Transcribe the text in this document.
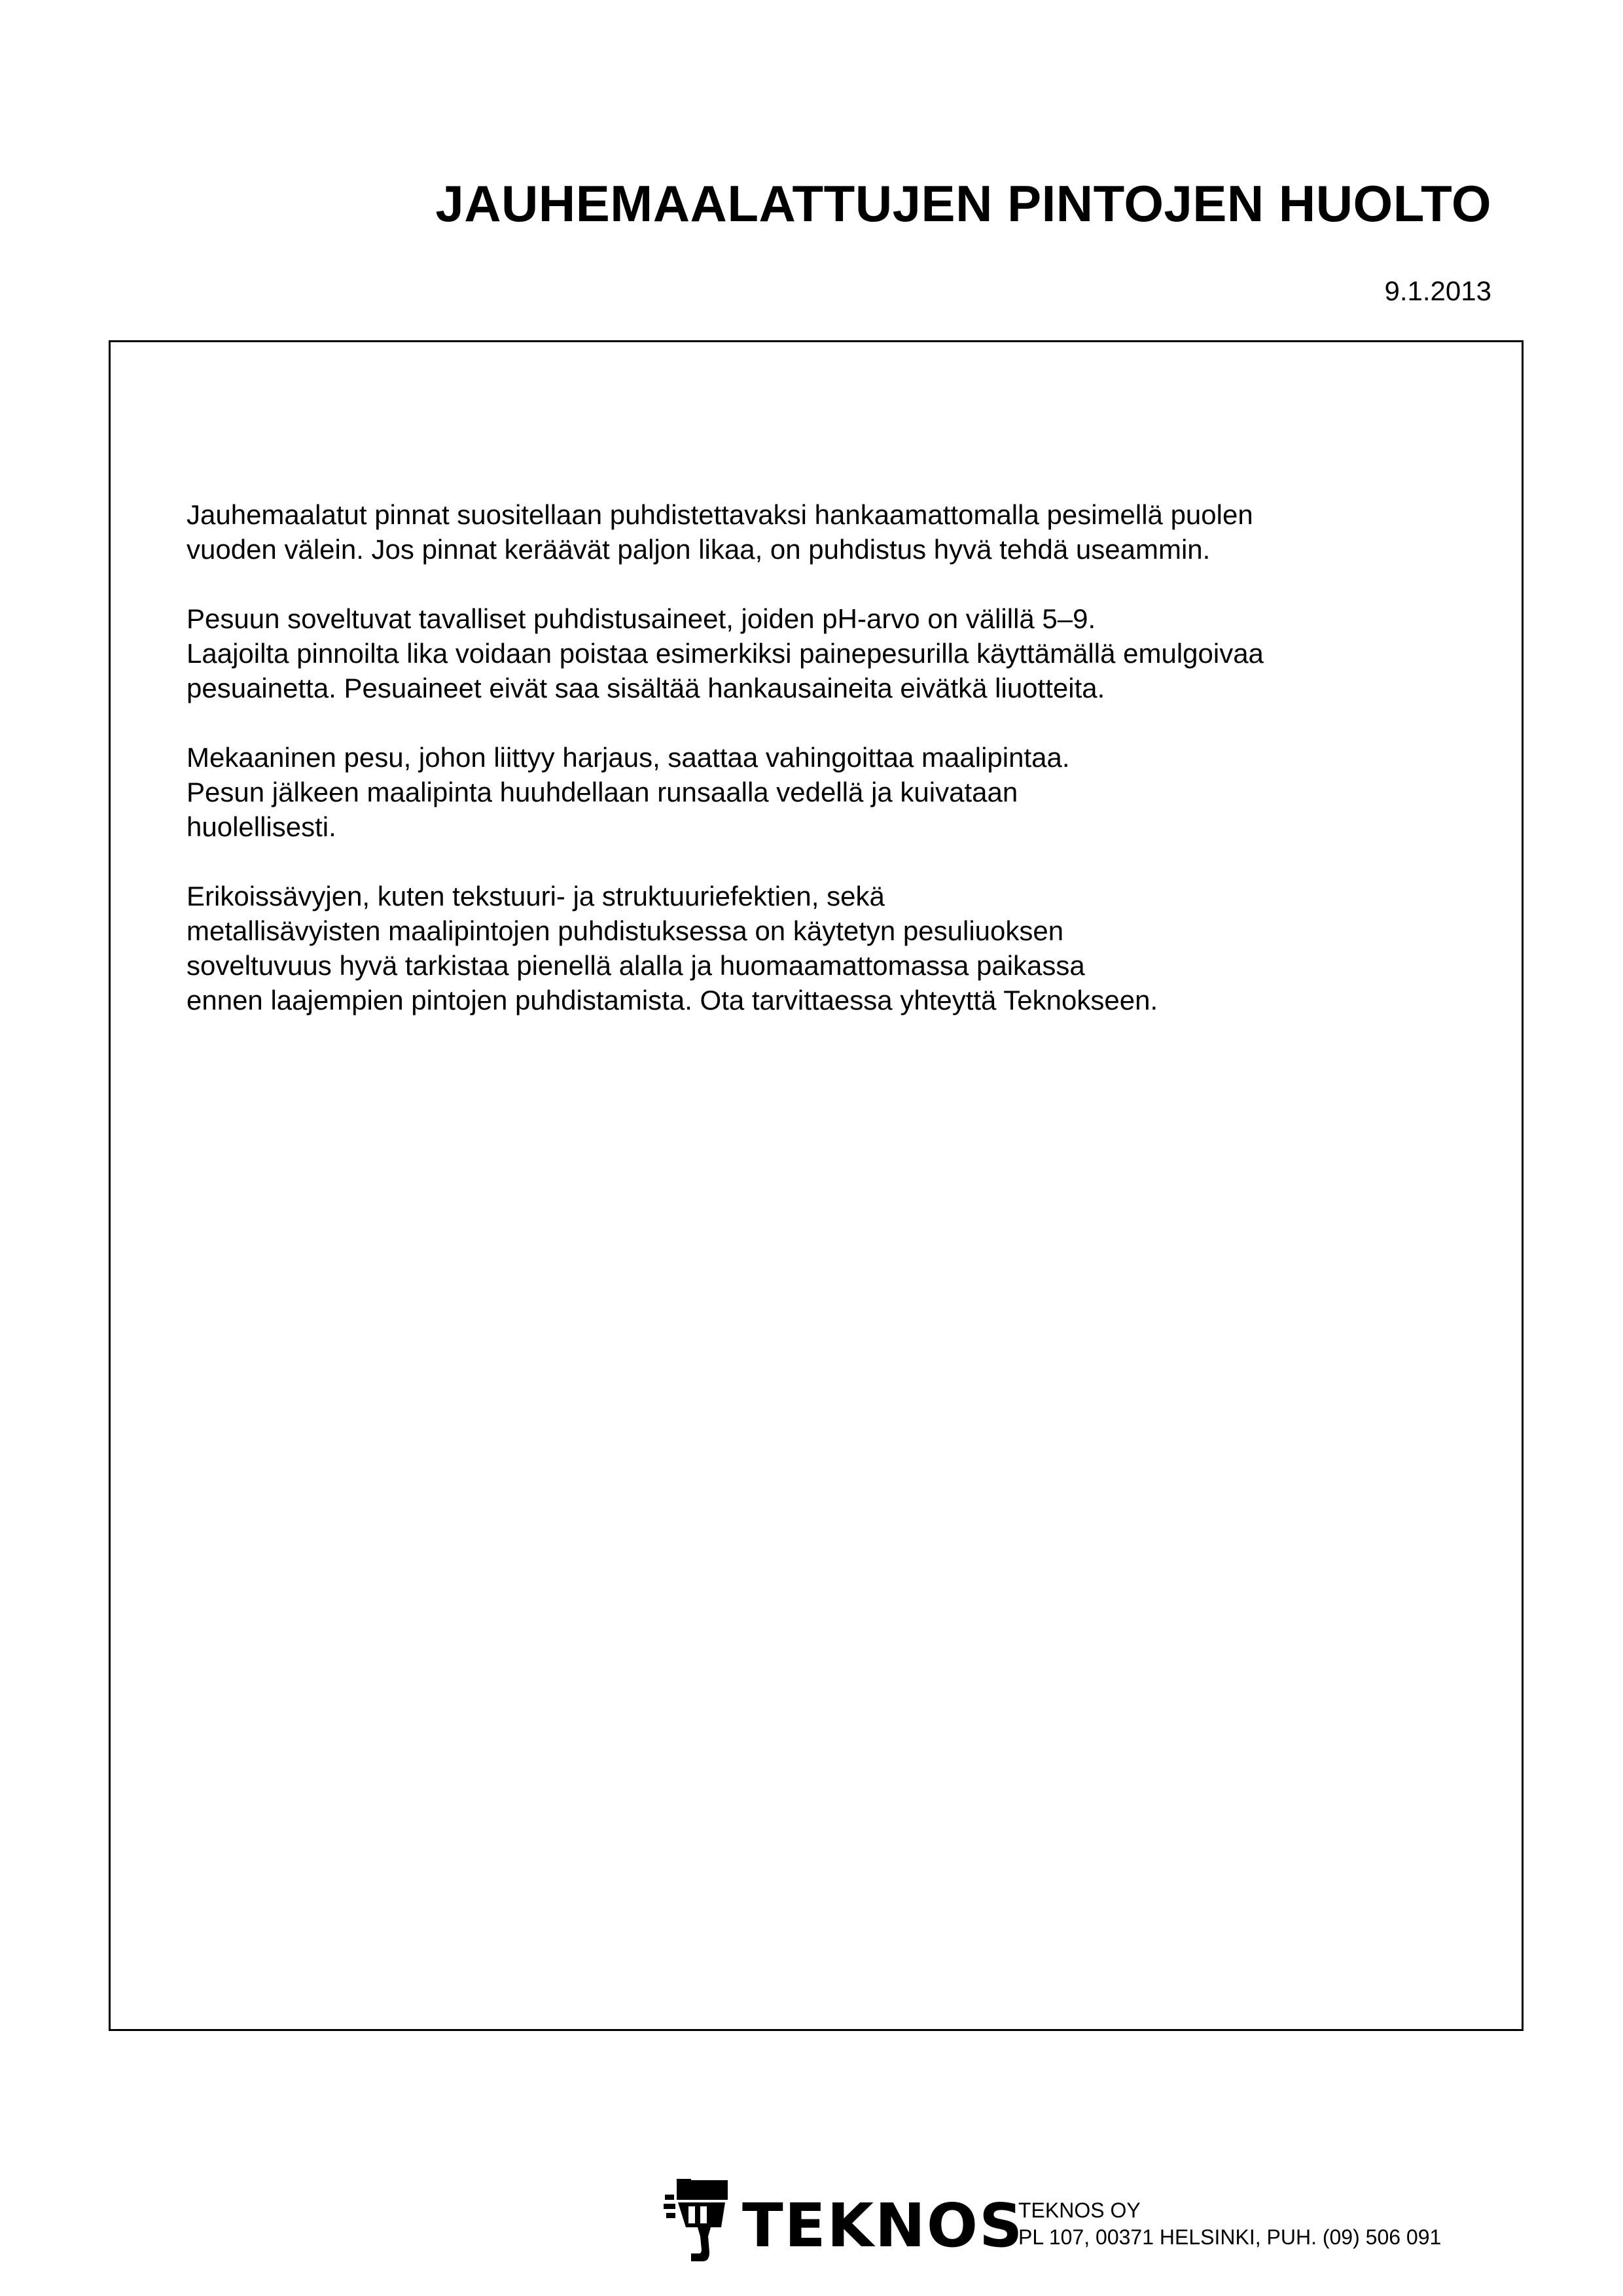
JAUHEMAALATTUJEN PINTOJEN HUOLTO
9.1.2013

Jauhemaalatut pinnat suositellaan puhdistettavaksi hankaamattomalla pesimellä puolen
vuoden välein. Jos pinnat keräävät paljon likaa, on puhdistus hyvä tehdä useammin.

Pesuun soveltuvat tavalliset puhdistusaineet, joiden pH-arvo on välillä 5–9.
Laajoilta pinnoilta lika voidaan poistaa esimerkiksi painepesurilla käyttämällä emulgoivaa
pesuainetta. Pesuaineet eivät saa sisältää hankausaineita eivätkä liuotteita.

Mekaaninen pesu, johon liittyy harjaus, saattaa vahingoittaa maalipintaa.
Pesun jälkeen maalipinta huuhdellaan runsaalla vedellä ja kuivataan
huolellisesti.

Erikoissävyjen, kuten tekstuuri- ja struktuuriefektien, sekä
metallisävyisten maalipintojen puhdistuksessa on käytetyn pesuliuoksen
soveltuvuus hyvä tarkistaa pienellä alalla ja huomaamattomassa paikassa
ennen laajempien pintojen puhdistamista. Ota tarvittaessa yhteyttä Teknokseen.

TEKNOS
TEKNOS OY
PL 107, 00371 HELSINKI, PUH. (09) 506 091
